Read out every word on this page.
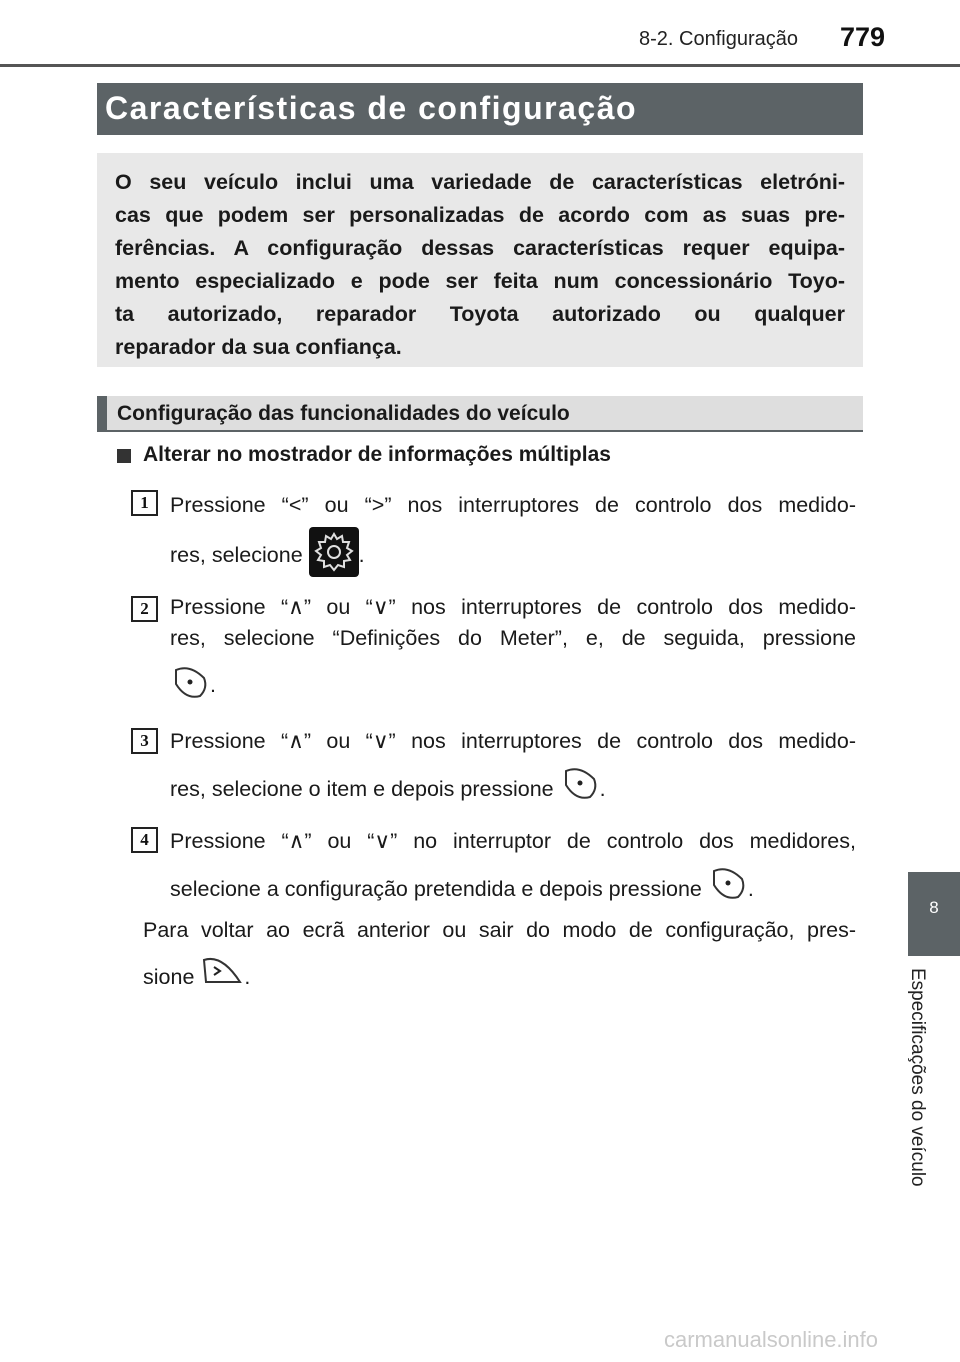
8-2. Configuração 779
Características de configuração
O seu veículo inclui uma variedade de características eletróni-
cas que podem ser personalizadas de acordo com as suas pre-
ferências. A configuração dessas características requer equipa-
mento especializado e pode ser feita num concessionário Toyo-
ta autorizado, reparador Toyota autorizado ou qualquer
reparador da sua confiança.
Configuração das funcionalidades do veículo
Alterar no mostrador de informações múltiplas
1 Pressione “<” ou “>” nos interruptores de controlo dos medido-
res, selecione	.
2 Pressione “∧” ou “∨” nos interruptores de controlo dos medido-
res, selecione “Definições do Meter”, e, de seguida, pressione
.
3 Pressione “∧” ou “∨” nos interruptores de controlo dos medido-
res, selecione o item e depois pressione .
4 Pressione “∧” ou “∨” no interruptor de controlo dos medidores,
selecione a configuração pretendida e depois pressione .
Para voltar ao ecrã anterior ou sair do modo de configuração, pres-
sione .
8
Especificações do veículo
carmanualsonline.info
